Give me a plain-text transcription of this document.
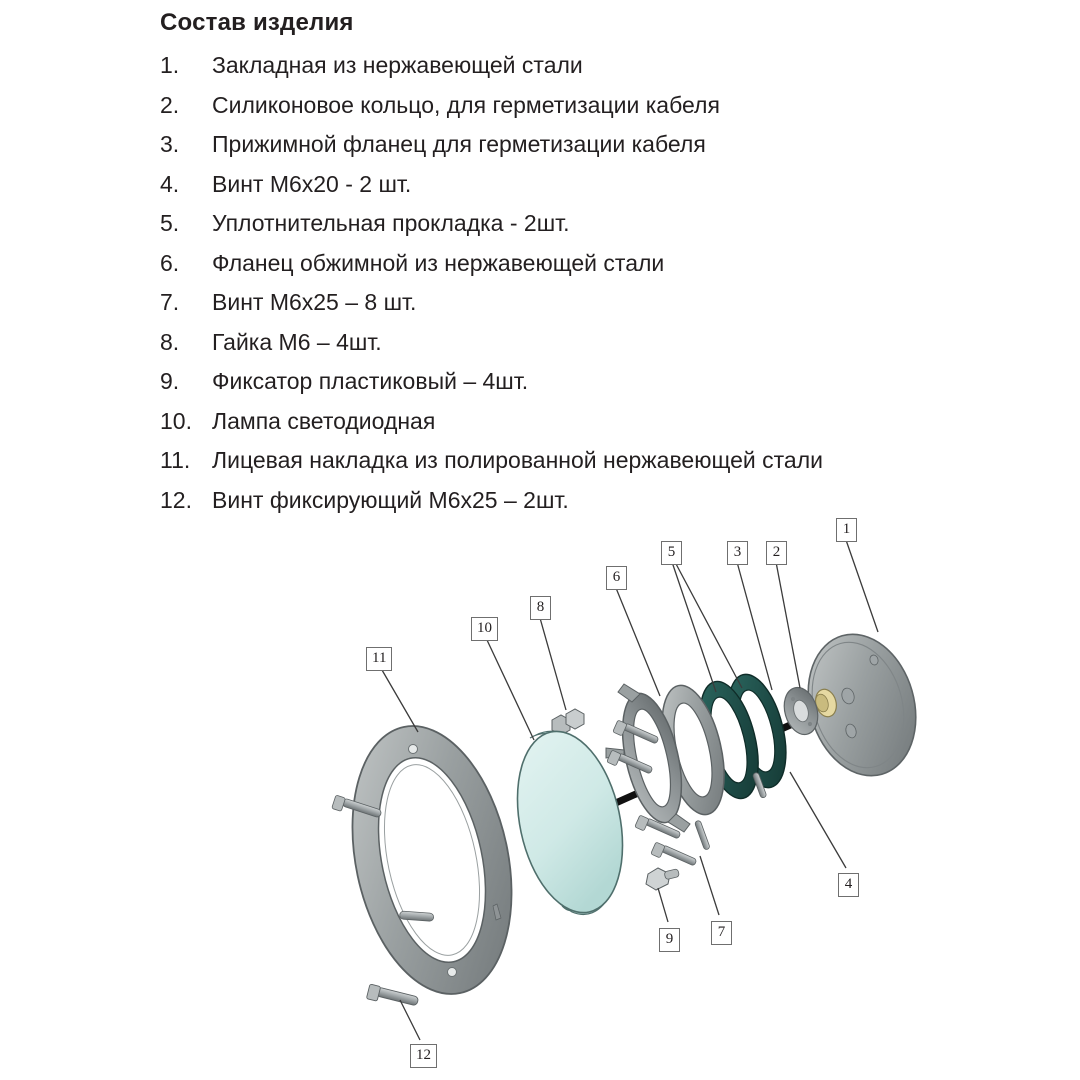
Состав изделия
1.	Закладная из нержавеющей стали
2.	Силиконовое кольцо, для герметизации кабеля
3.	Прижимной фланец для герметизации кабеля
4.	Винт М6х20 - 2 шт.
5.	Уплотнительная прокладка - 2шт.
6.	Фланец обжимной из нержавеющей стали
7.	Винт М6х25 – 8 шт.
8.	Гайка М6 – 4шт.
9.	Фиксатор пластиковый – 4шт.
10. Лампа светодиодная
11. Лицевая накладка из полированной нержавеющей стали
12. Винт фиксирующий М6х25 – 2шт.
1
5	3	2
6
8
10
11
4
7
9
12
